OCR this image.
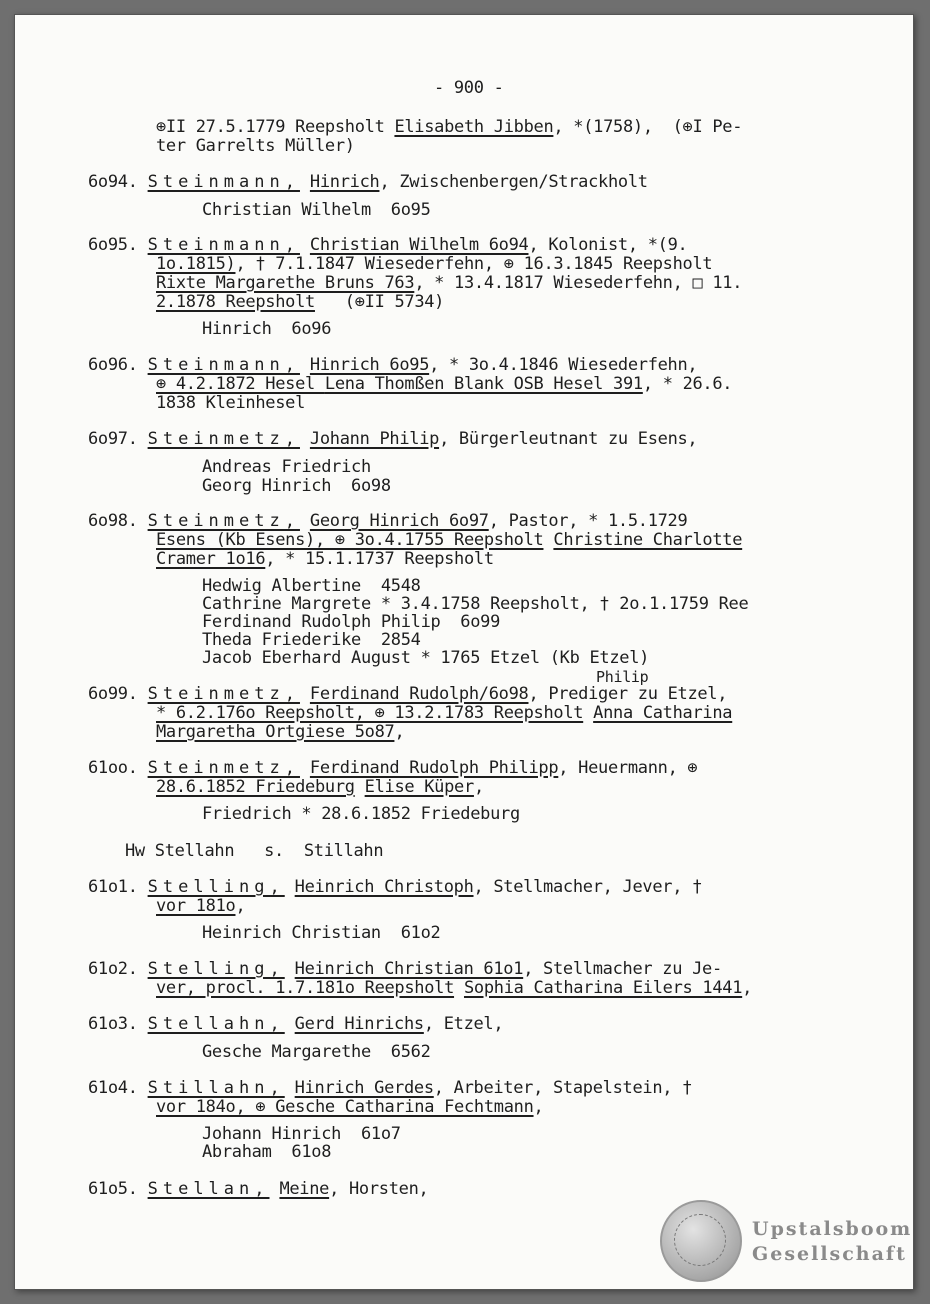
- 900 -
⊕II 27.5.1779 Reepsholt Elisabeth Jibben, *(1758),  (⊕I Pe-
ter Garrelts Müller)
6o94. Steinmann, Hinrich, Zwischenbergen/Strackholt
Christian Wilhelm  6o95
6o95. Steinmann, Christian Wilhelm 6o94, Kolonist, *(9.
1o.1815), † 7.1.1847 Wiesederfehn, ⊕ 16.3.1845 Reepsholt
Rixte Margarethe Bruns 763, * 13.4.1817 Wiesederfehn, □ 11.
2.1878 Reepsholt   (⊕II 5734)
Hinrich  6o96
6o96. Steinmann, Hinrich 6o95, * 3o.4.1846 Wiesederfehn,
⊕ 4.2.1872 Hesel Lena Thomßen Blank OSB Hesel 391, * 26.6.
1838 Kleinhesel
6o97. Steinmetz, Johann Philip, Bürgerleutnant zu Esens,
Andreas Friedrich
Georg Hinrich  6o98
6o98. Steinmetz, Georg Hinrich 6o97, Pastor, * 1.5.1729
Esens (Kb Esens), ⊕ 3o.4.1755 Reepsholt Christine Charlotte
Cramer 1o16, * 15.1.1737 Reepsholt
Hedwig Albertine  4548
Cathrine Margrete * 3.4.1758 Reepsholt, † 2o.1.1759 Ree
Ferdinand Rudolph Philip  6o99
Theda Friederike  2854
Jacob Eberhard August * 1765 Etzel (Kb Etzel)
Philip
6o99. Steinmetz, Ferdinand Rudolph/6o98, Prediger zu Etzel,
* 6.2.176o Reepsholt, ⊕ 13.2.1783 Reepsholt Anna Catharina
Margaretha Ortgiese 5o87,
61oo. Steinmetz, Ferdinand Rudolph Philipp, Heuermann, ⊕
28.6.1852 Friedeburg Elise Küper,
Friedrich * 28.6.1852 Friedeburg
Hw Stellahn   s.  Stillahn
61o1. Stelling, Heinrich Christoph, Stellmacher, Jever, †
vor 181o,
Heinrich Christian  61o2
61o2. Stelling, Heinrich Christian 61o1, Stellmacher zu Je-
ver, procl. 1.7.181o Reepsholt Sophia Catharina Eilers 1441,
61o3. Stellahn, Gerd Hinrichs, Etzel,
Gesche Margarethe  6562
61o4. Stillahn, Hinrich Gerdes, Arbeiter, Stapelstein, †
vor 184o, ⊕ Gesche Catharina Fechtmann,
Johann Hinrich  61o7
Abraham  61o8
61o5. Stellan, Meine, Horsten,
Upstalsboom
Gesellschaft
